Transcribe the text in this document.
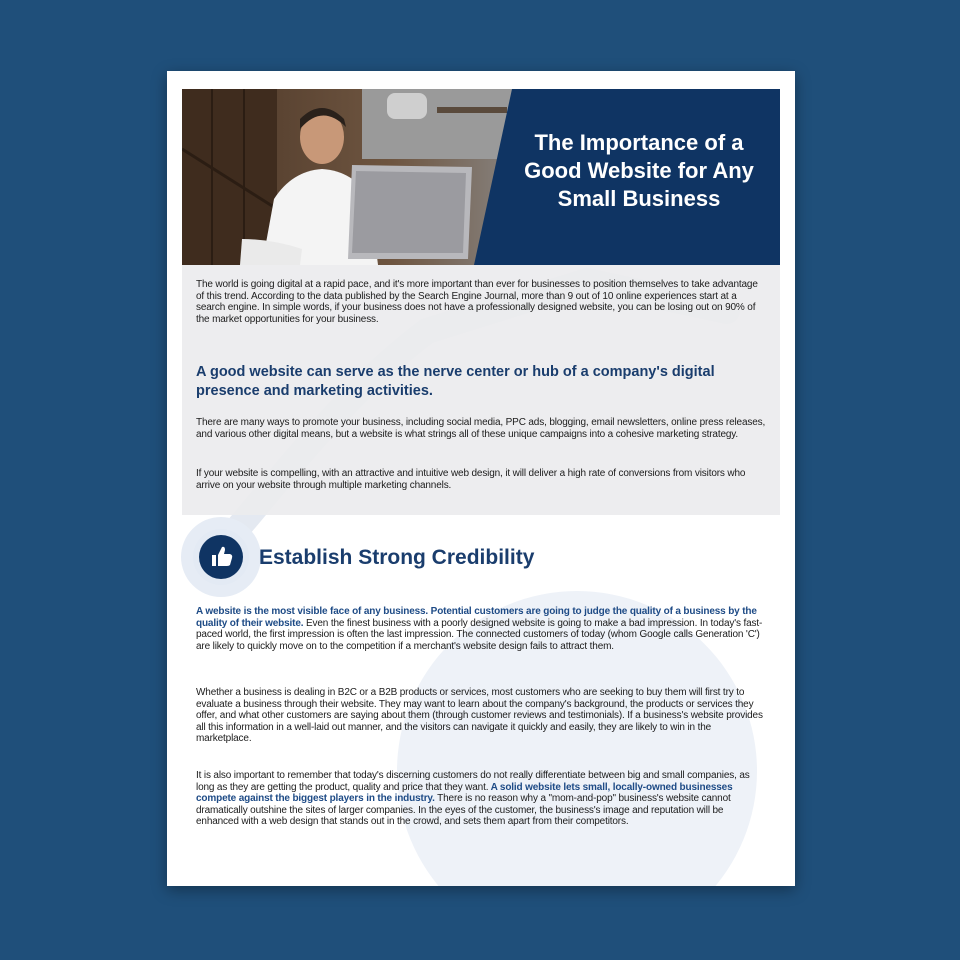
The Importance of a Good Website for Any Small Business

The world is going digital at a rapid pace, and it's more important than ever for businesses to position themselves to take advantage of this trend. According to the data published by the Search Engine Journal, more than 9 out of 10 online experiences start at a search engine. In simple words, if your business does not have a professionally designed website, you can be losing out on 90% of the market opportunities for your business.

A good website can serve as the nerve center or hub of a company's digital presence and marketing activities.

There are many ways to promote your business, including social media, PPC ads, blogging, email newsletters, online press releases, and various other digital means, but a website is what strings all of these unique campaigns into a cohesive marketing strategy.

If your website is compelling, with an attractive and intuitive web design, it will deliver a high rate of conversions from visitors who arrive on your website through multiple marketing channels.

Establish Strong Credibility

A website is the most visible face of any business. Potential customers are going to judge the quality of a business by the quality of their website. Even the finest business with a poorly designed website is going to make a bad impression. In today's fast-paced world, the first impression is often the last impression. The connected customers of today (whom Google calls Generation 'C') are likely to quickly move on to the competition if a merchant's website design fails to attract them.

Whether a business is dealing in B2C or a B2B products or services, most customers who are seeking to buy them will first try to evaluate a business through their website. They may want to learn about the company's background, the products or services they offer, and what other customers are saying about them (through customer reviews and testimonials). If a business's website provides all this information in a well-laid out manner, and the visitors can navigate it quickly and easily, they are likely to win in the marketplace.

It is also important to remember that today's discerning customers do not really differentiate between big and small companies, as long as they are getting the product, quality and price that they want. A solid website lets small, locally-owned businesses compete against the biggest players in the industry. There is no reason why a "mom-and-pop" business's website cannot dramatically outshine the sites of larger companies. In the eyes of the customer, the business's image and reputation will be enhanced with a web design that stands out in the crowd, and sets them apart from their competitors.
